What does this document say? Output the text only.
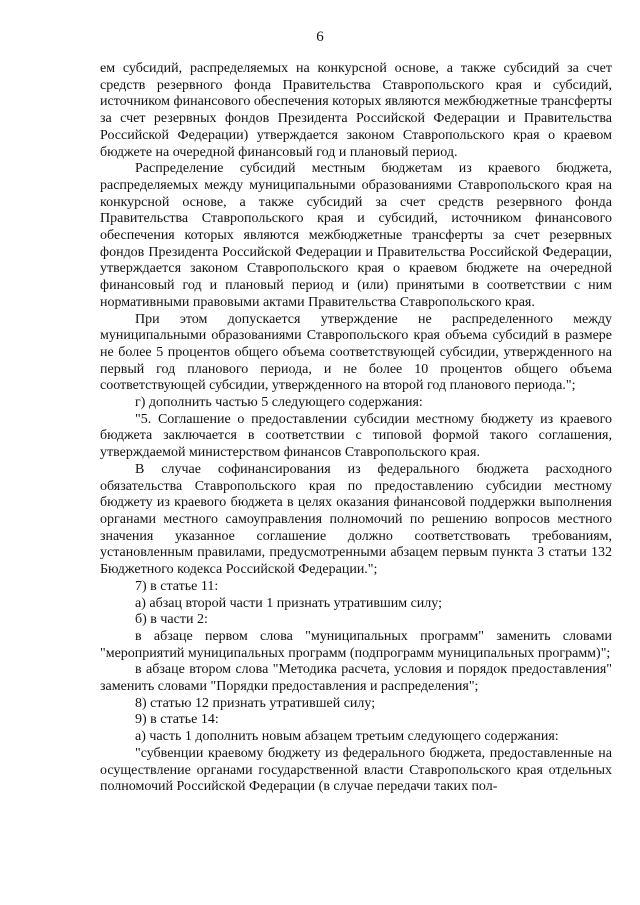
6

ем субсидий, распределяемых на конкурсной основе, а также субсидий за счет средств резервного фонда Правительства Ставропольского края и субсидий, источником финансового обеспечения которых являются межбюджетные трансферты за счет резервных фондов Президента Российской Федерации и Правительства Российской Федерации) утверждается законом Ставропольского края о краевом бюджете на очередной финансовый год и плановый период.

Распределение субсидий местным бюджетам из краевого бюджета, распределяемых между муниципальными образованиями Ставропольского края на конкурсной основе, а также субсидий за счет средств резервного фонда Правительства Ставропольского края и субсидий, источником финансового обеспечения которых являются межбюджетные трансферты за счет резервных фондов Президента Российской Федерации и Правительства Российской Федерации, утверждается законом Ставропольского края о краевом бюджете на очередной финансовый год и плановый период и (или) принятыми в соответствии с ним нормативными правовыми актами Правительства Ставропольского края.

При этом допускается утверждение не распределенного между муниципальными образованиями Ставропольского края объема субсидий в размере не более 5 процентов общего объема соответствующей субсидии, утвержденного на первый год планового периода, и не более 10 процентов общего объема соответствующей субсидии, утвержденного на второй год планового периода.";

г) дополнить частью 5 следующего содержания:

"5. Соглашение о предоставлении субсидии местному бюджету из краевого бюджета заключается в соответствии с типовой формой такого соглашения, утверждаемой министерством финансов Ставропольского края.

В случае софинансирования из федерального бюджета расходного обязательства Ставропольского края по предоставлению субсидии местному бюджету из краевого бюджета в целях оказания финансовой поддержки выполнения органами местного самоуправления полномочий по решению вопросов местного значения указанное соглашение должно соответствовать требованиям, установленным правилами, предусмотренными абзацем первым пункта 3 статьи 132 Бюджетного кодекса Российской Федерации.";

7) в статье 11:

а) абзац второй части 1 признать утратившим силу;

б) в части 2:

в абзаце первом слова "муниципальных программ" заменить словами "мероприятий муниципальных программ (подпрограмм муниципальных программ)";

в абзаце втором слова "Методика расчета, условия и порядок предоставления" заменить словами "Порядки предоставления и распределения";

8) статью 12 признать утратившей силу;

9) в статье 14:

а) часть 1 дополнить новым абзацем третьим следующего содержания:

"субвенции краевому бюджету из федерального бюджета, предоставленные на осуществление органами государственной власти Ставропольского края отдельных полномочий Российской Федерации (в случае передачи таких пол-
